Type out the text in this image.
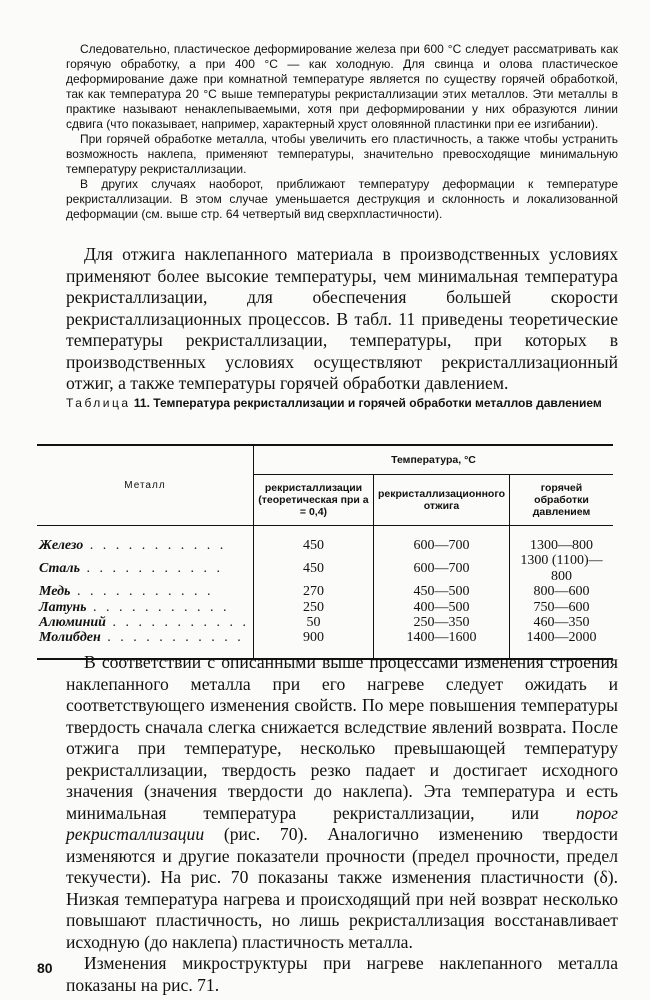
Следовательно, пластическое деформирование железа при 600 °С следует рассматривать как горячую обработку, а при 400 °С — как холодную. Для свинца и олова пластическое деформирование даже при комнатной температуре является по существу горячей обработкой, так как температура 20 °С выше температуры рекристаллизации этих металлов. Эти металлы в практике называют ненаклепываемыми, хотя при деформировании у них образуются линии сдвига (что показывает, например, характерный хруст оловянной пластинки при ее изгибании).

При горячей обработке металла, чтобы увеличить его пластичность, а также чтобы устранить возможность наклепа, применяют температуры, значительно превосходящие минимальную температуру рекристаллизации.

В других случаях наоборот, приближают температуру деформации к температуре рекристаллизации. В этом случае уменьшается деструкция и склонность и локализованной деформации (см. выше стр. 64 четвертый вид сверхпластичности).

Для отжига наклепанного материала в производственных условиях применяют более высокие температуры, чем минимальная температура рекристаллизации, для обеспечения большей скорости рекристаллизационных процессов. В табл. 11 приведены теоретические температуры рекристаллизации, температуры, при которых в производственных условиях осуществляют рекристаллизационный отжиг, а также температуры горячей обработки давлением.

Таблица 11. Температура рекристаллизации и горячей обработки металлов давлением
Металл	Температура, °С		
	рекристаллизации (теоретическая при a = 0,4)	рекристаллизационного отжига	горячей обработки давлением
Железо . . . . . . . . . . .	450	600—700	1300—800
Сталь . . . . . . . . . . .	450	600—700	1300 (1100)—800
Медь . . . . . . . . . . .	270	450—500	800—600
Латунь . . . . . . . . . . .	250	400—500	750—600
Алюминий . . . . . . . . . . .	50	250—350	460—350
Молибден . . . . . . . . . . .	900	1400—1600	1400—2000

В соответствии с описанными выше процессами изменения строения наклепанного металла при его нагреве следует ожидать и соответствующего изменения свойств. По мере повышения температуры твердость сначала слегка снижается вследствие явлений возврата. После отжига при температуре, несколько превышающей температуру рекристаллизации, твердость резко падает и достигает исходного значения (значения твердости до наклепа). Эта температура и есть минимальная температура рекристаллизации, или порог рекристаллизации (рис. 70). Аналогично изменению твердости изменяются и другие показатели прочности (предел прочности, предел текучести). На рис. 70 показаны также изменения пластичности (δ). Низкая температура нагрева и происходящий при ней возврат несколько повышают пластичность, но лишь рекристаллизация восстанавливает исходную (до наклепа) пластичность металла.

Изменения микроструктуры при нагреве наклепанного металла показаны на рис. 71.

80
